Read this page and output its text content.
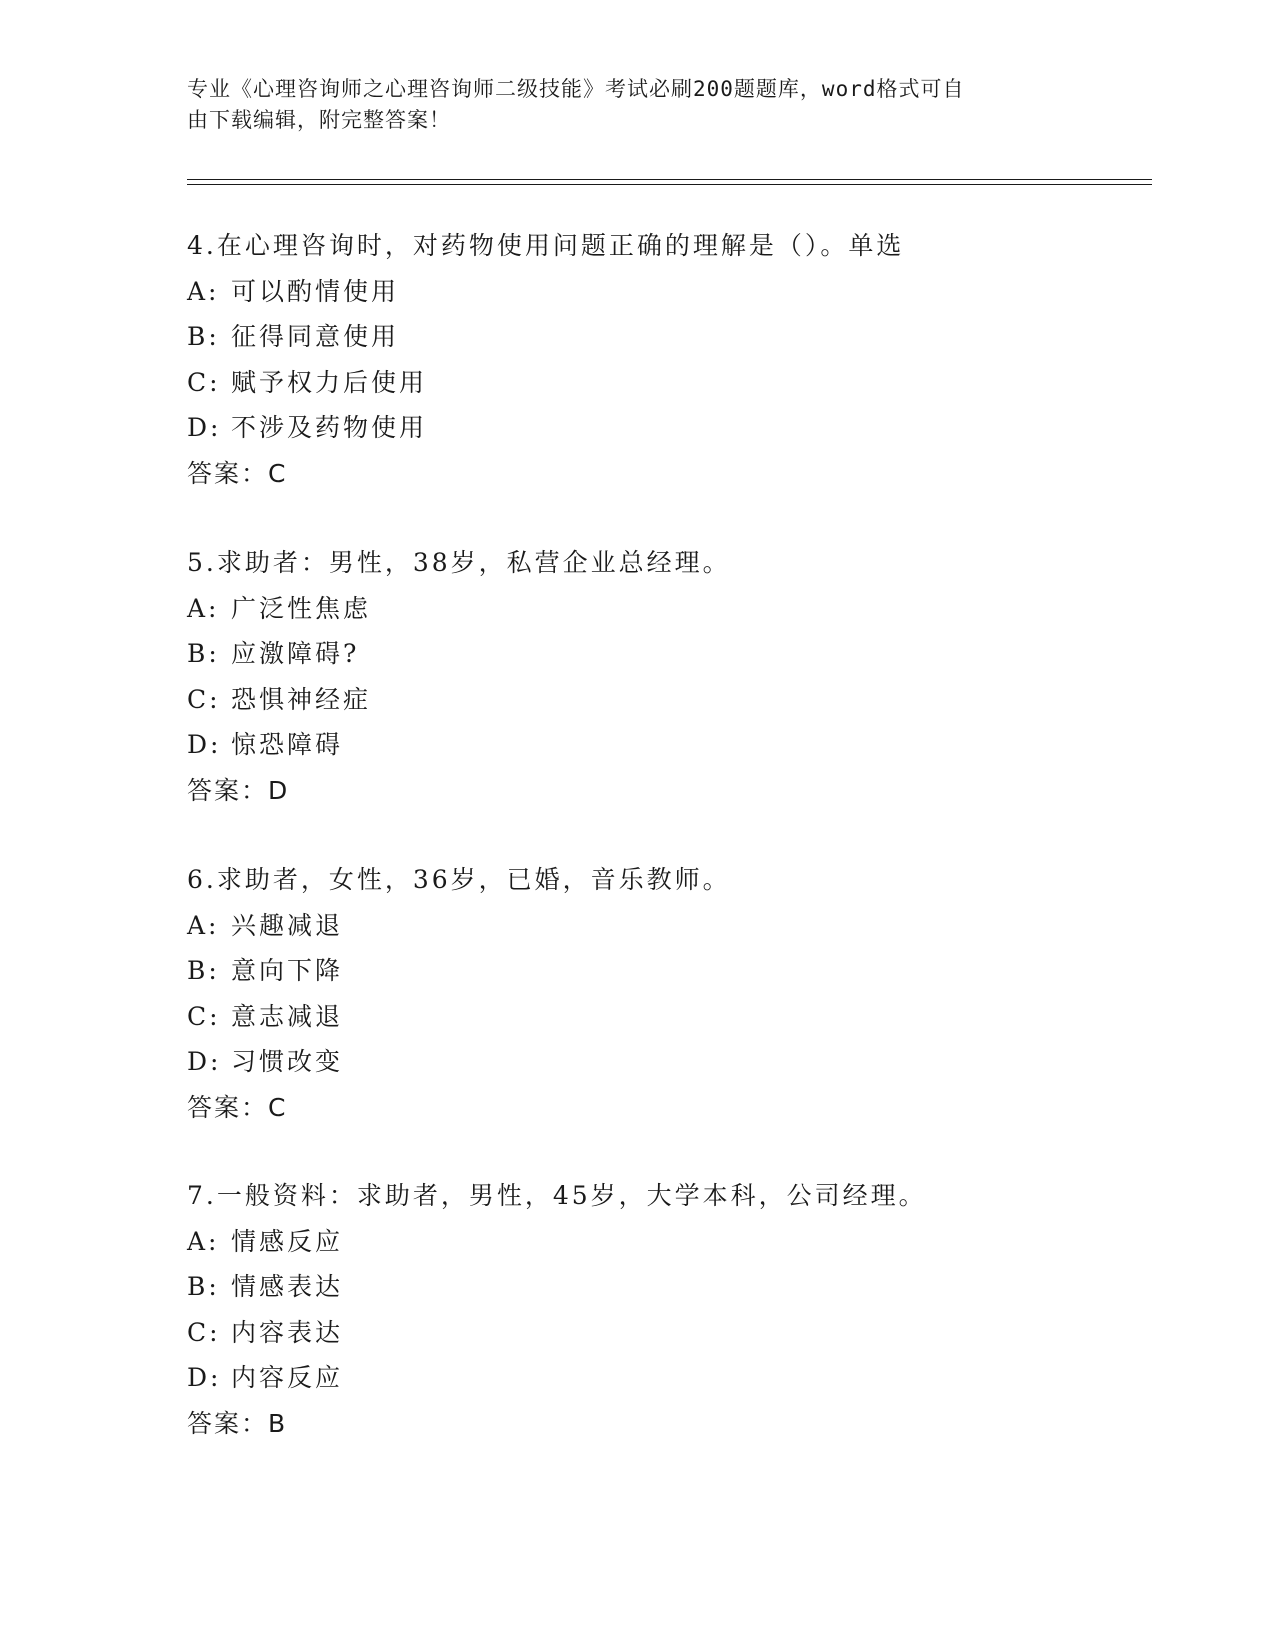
专业《心理咨询师之心理咨询师二级技能》考试必刷200题题库，word格式可自
由下载编辑，附完整答案！
4.在心理咨询时，对药物使用问题正确的理解是（）。单选
A: 可以酌情使用
B: 征得同意使用
C: 赋予权力后使用
D: 不涉及药物使用
答案：C
5.求助者：男性，38岁，私营企业总经理。
A: 广泛性焦虑
B: 应激障碍?
C: 恐惧神经症
D: 惊恐障碍
答案：D
6.求助者，女性，36岁，已婚，音乐教师。
A: 兴趣减退
B: 意向下降
C: 意志减退
D: 习惯改变
答案：C
7.一般资料：求助者，男性，45岁，大学本科，公司经理。
A: 情感反应
B: 情感表达
C: 内容表达
D: 内容反应
答案：B
